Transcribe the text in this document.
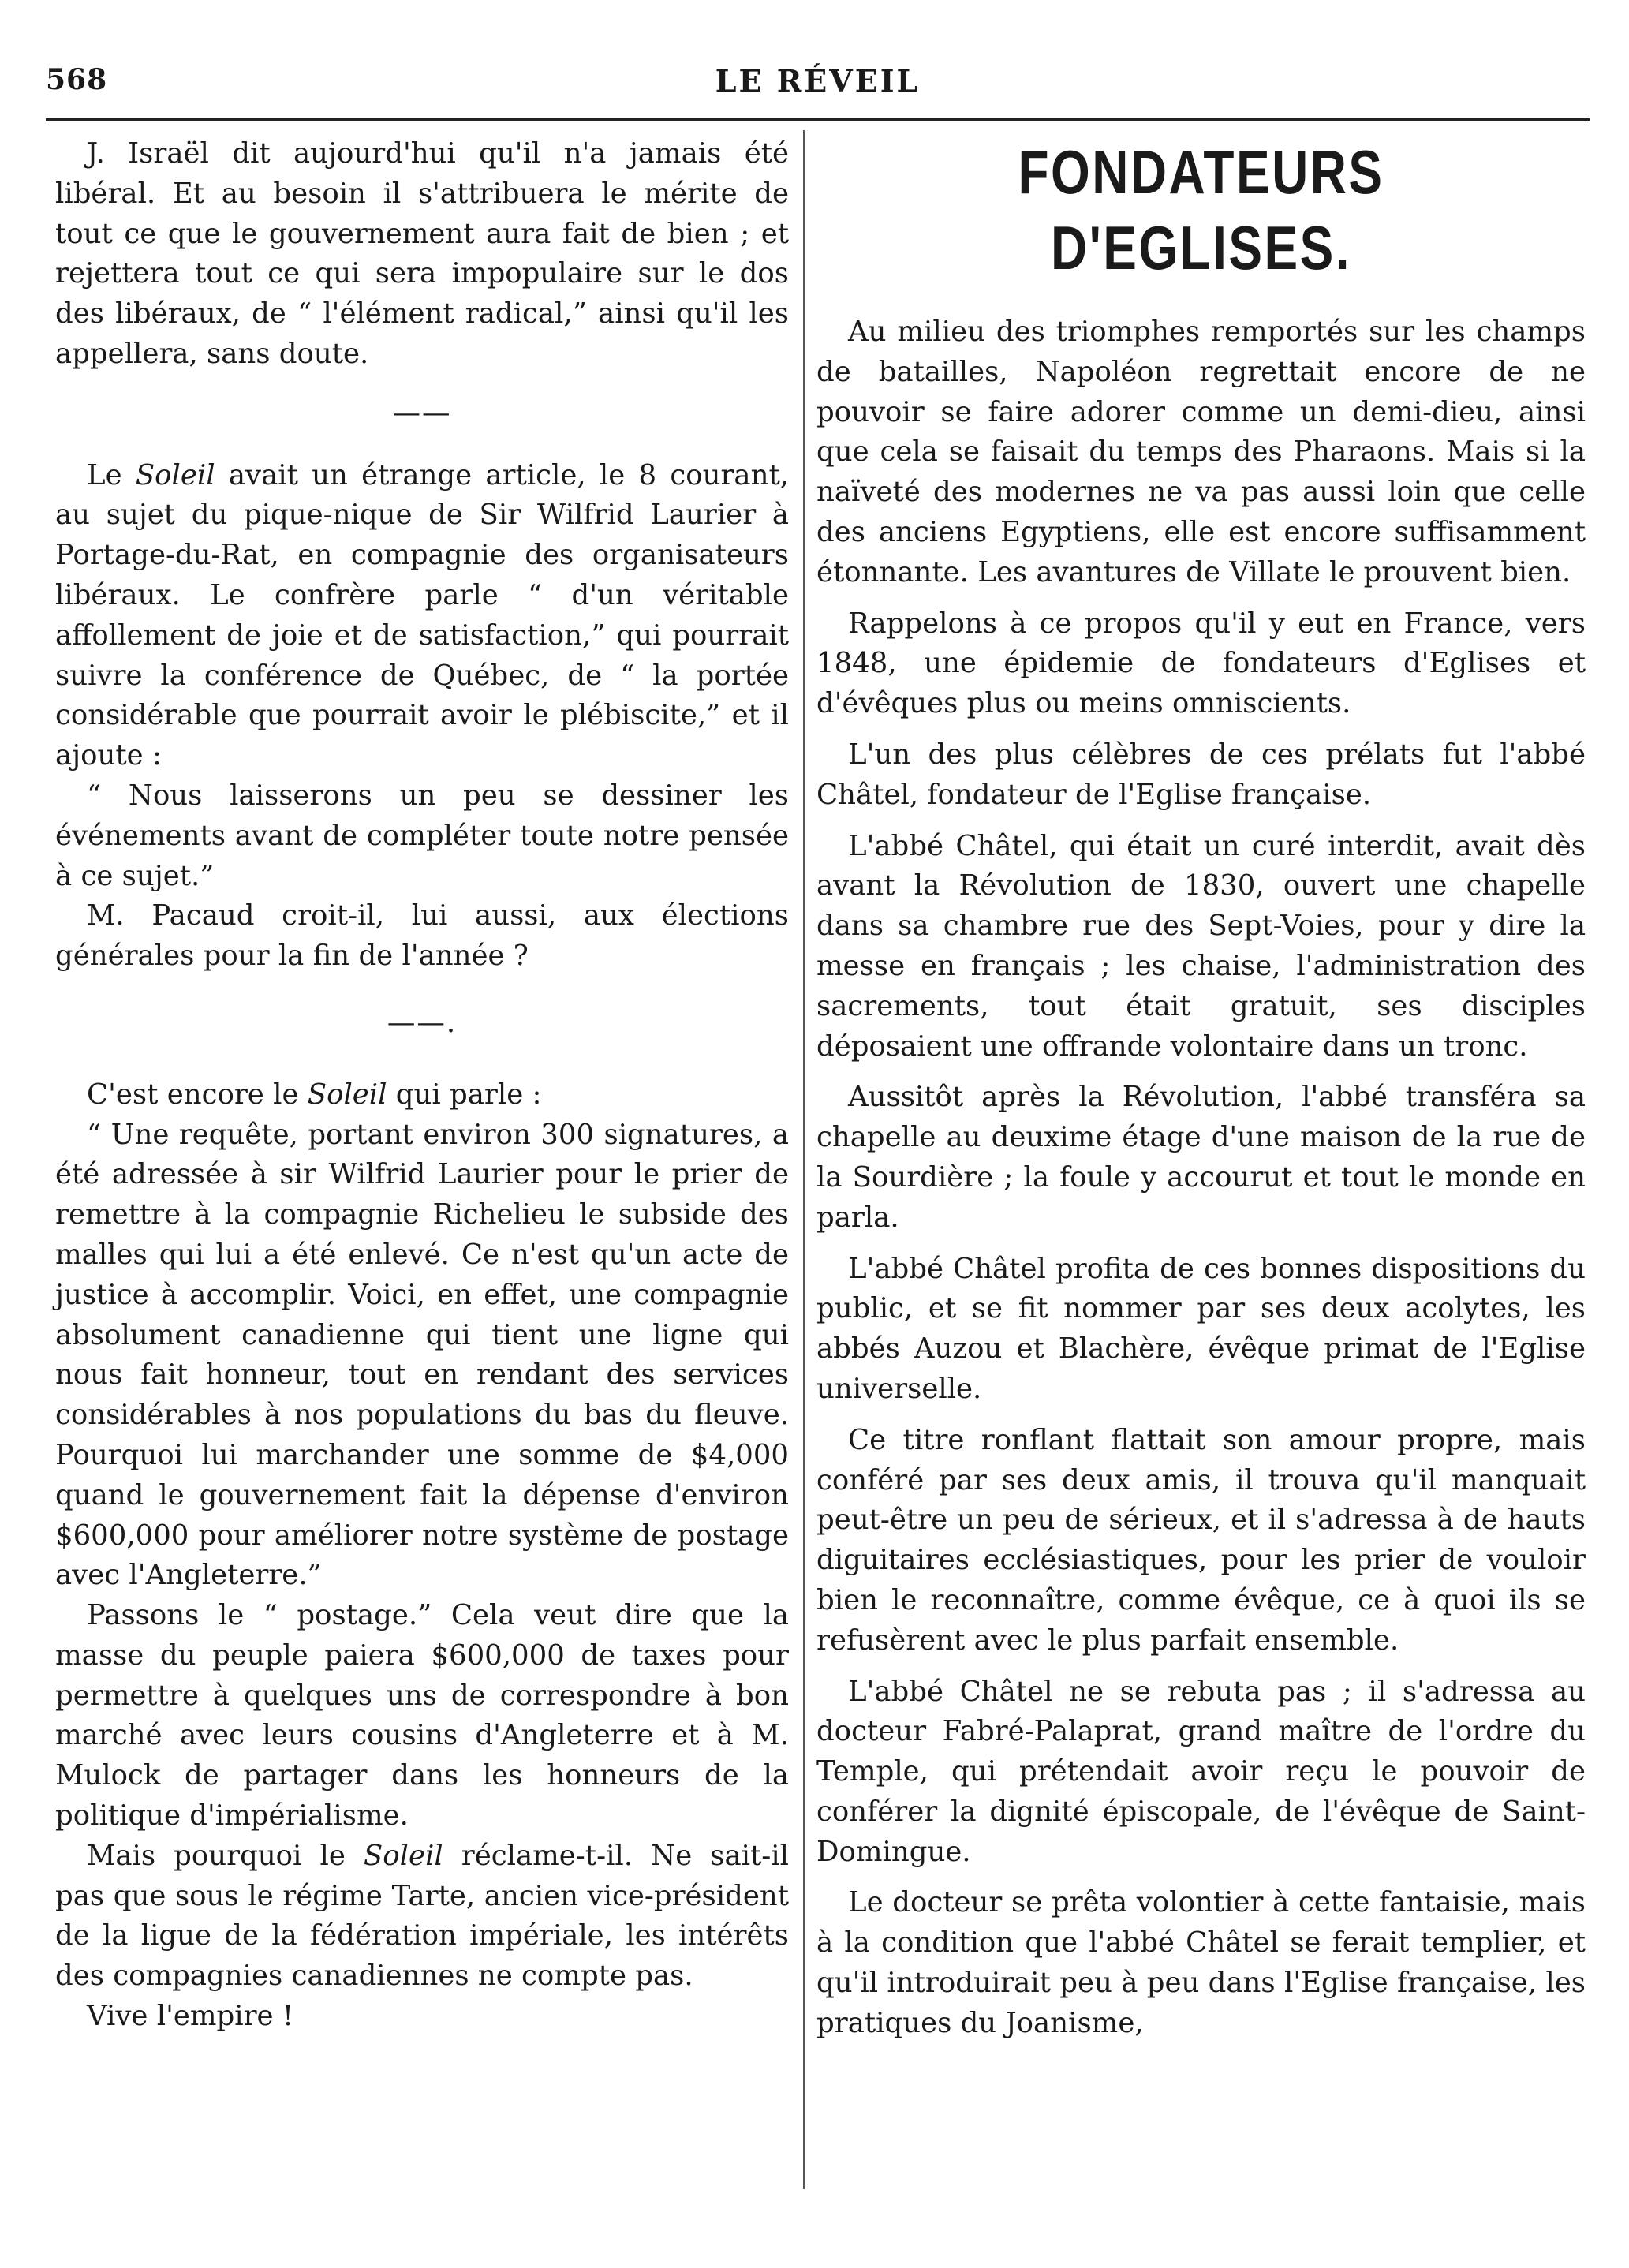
LE RÉVEIL
568

J. Israël dit aujourd'hui qu'il n'a jamais été libéral. Et au besoin il s'attribuera le mérite de tout ce que le gouvernement aura fait de bien ; et rejettera tout ce qui sera impopulaire sur le dos des libéraux, de “ l'élément radical,” ainsi qu'il les appellera, sans doute.

——

Le Soleil avait un étrange article, le 8 courant, au sujet du pique-nique de Sir Wilfrid Laurier à Portage-du-Rat, en compagnie des organisateurs libéraux. Le confrère parle “ d'un véritable affollement de joie et de satisfaction,” qui pourrait suivre la conférence de Québec, de “ la portée considérable que pourrait avoir le plébiscite,” et il ajoute :

“ Nous laisserons un peu se dessiner les événements avant de compléter toute notre pensée à ce sujet.”

M. Pacaud croit-il, lui aussi, aux élections générales pour la fin de l'année ?

——.

C'est encore le Soleil qui parle :

“ Une requête, portant environ 300 signatures, a été adressée à sir Wilfrid Laurier pour le prier de remettre à la compagnie Richelieu le subside des malles qui lui a été enlevé. Ce n'est qu'un acte de justice à accomplir. Voici, en effet, une compagnie absolument canadienne qui tient une ligne qui nous fait honneur, tout en rendant des services considérables à nos populations du bas du fleuve. Pourquoi lui marchander une somme de $4,000 quand le gouvernement fait la dépense d'environ $600,000 pour améliorer notre système de postage avec l'Angleterre.”

Passons le “ postage.” Cela veut dire que la masse du peuple paiera $600,000 de taxes pour permettre à quelques uns de correspondre à bon marché avec leurs cousins d'Angleterre et à M. Mulock de partager dans les honneurs de la politique d'impérialisme.

Mais pourquoi le Soleil réclame-t-il. Ne sait-il pas que sous le régime Tarte, ancien vice-président de la ligue de la fédération impériale, les intérêts des compagnies canadiennes ne compte pas.

Vive l'empire !

FONDATEURS D'EGLISES.

Au milieu des triomphes remportés sur les champs de batailles, Napoléon regrettait encore de ne pouvoir se faire adorer comme un demi-dieu, ainsi que cela se faisait du temps des Pharaons. Mais si la naïveté des modernes ne va pas aussi loin que celle des anciens Egyptiens, elle est encore suffisamment étonnante. Les avantures de Villate le prouvent bien.

Rappelons à ce propos qu'il y eut en France, vers 1848, une épidemie de fondateurs d'Eglises et d'évêques plus ou meins omniscients.

L'un des plus célèbres de ces prélats fut l'abbé Châtel, fondateur de l'Eglise française.

L'abbé Châtel, qui était un curé interdit, avait dès avant la Révolution de 1830, ouvert une chapelle dans sa chambre rue des Sept-Voies, pour y dire la messe en français ; les chaise, l'administration des sacrements, tout était gratuit, ses disciples déposaient une offrande volontaire dans un tronc.

Aussitôt après la Révolution, l'abbé transféra sa chapelle au deuxime étage d'une maison de la rue de la Sourdière ; la foule y accourut et tout le monde en parla.

L'abbé Châtel profita de ces bonnes dispositions du public, et se fit nommer par ses deux acolytes, les abbés Auzou et Blachère, évêque primat de l'Eglise universelle.

Ce titre ronflant flattait son amour propre, mais conféré par ses deux amis, il trouva qu'il manquait peut-être un peu de sérieux, et il s'adressa à de hauts diguitaires ecclésiastiques, pour les prier de vouloir bien le reconnaître, comme évêque, ce à quoi ils se refusèrent avec le plus parfait ensemble.

L'abbé Châtel ne se rebuta pas ; il s'adressa au docteur Fabré-Palaprat, grand maître de l'ordre du Temple, qui prétendait avoir reçu le pouvoir de conférer la dignité épiscopale, de l'évêque de Saint-Domingue.

Le docteur se prêta volontier à cette fantaisie, mais à la condition que l'abbé Châtel se ferait templier, et qu'il introduirait peu à peu dans l'Eglise française, les pratiques du Joanisme,
